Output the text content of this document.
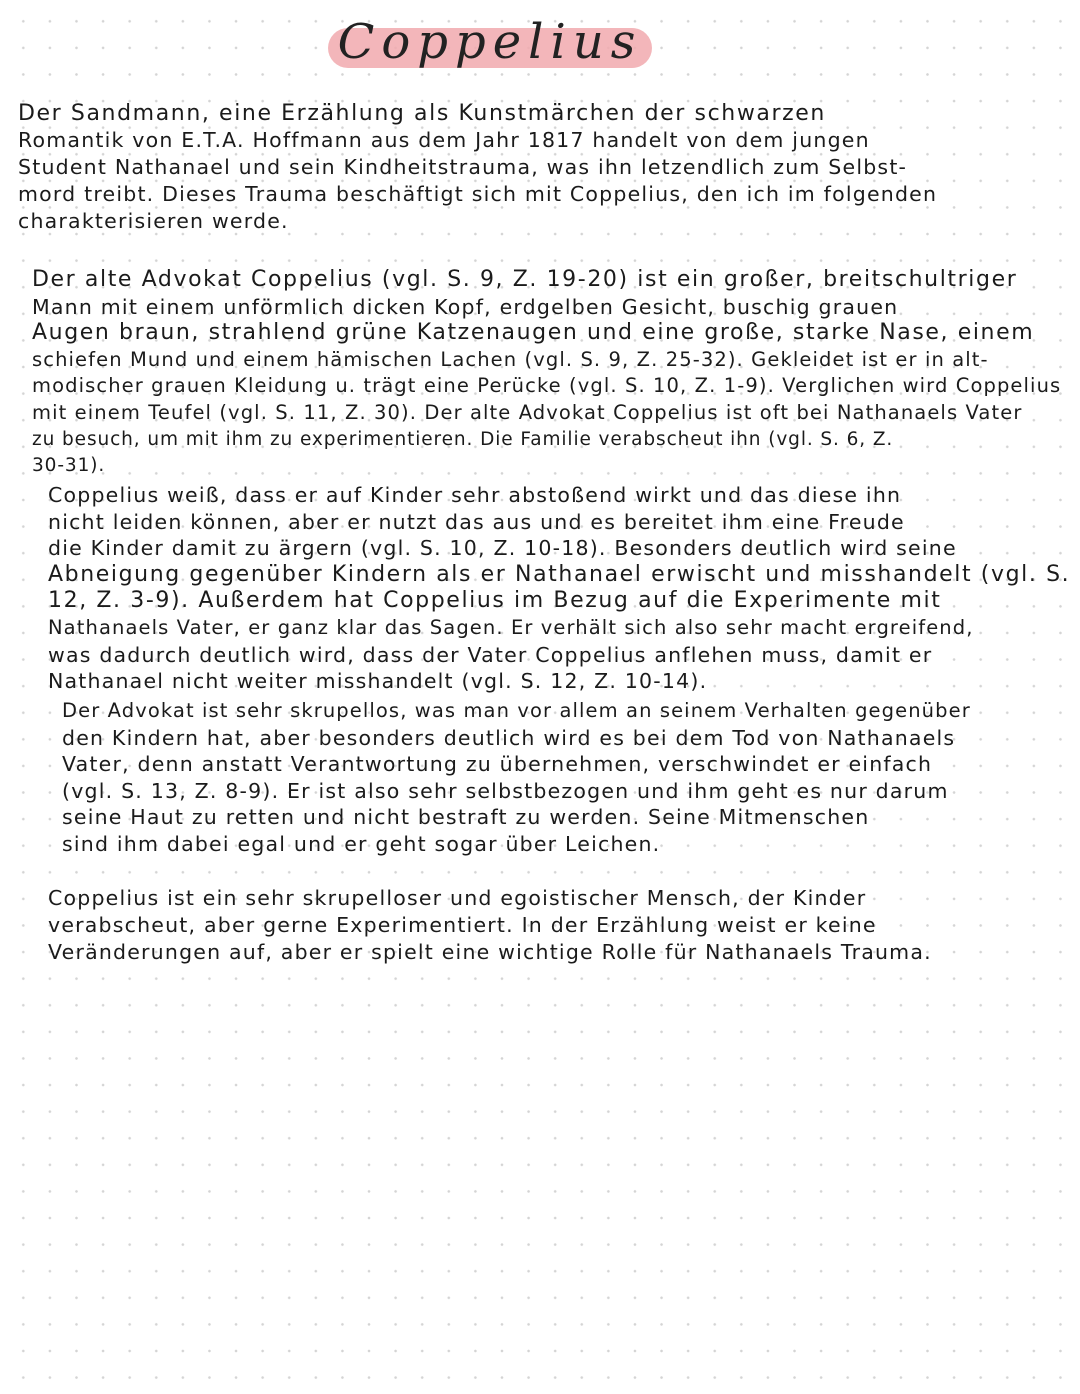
Coppelius
Der Sandmann, eine Erzählung als Kunstmärchen der schwarzen
Romantik von E.T.A. Hoffmann aus dem Jahr 1817 handelt von dem jungen
Student Nathanael und sein Kindheitstrauma, was ihn letzendlich zum Selbst-
mord treibt. Dieses Trauma beschäftigt sich mit Coppelius, den ich im folgenden
charakterisieren werde.
Der alte Advokat Coppelius (vgl. S. 9, Z. 19-20) ist ein großer, breitschultriger
Mann mit einem unförmlich dicken Kopf, erdgelben Gesicht, buschig grauen
Augen braun, strahlend grüne Katzenaugen und eine große, starke Nase, einem
schiefen Mund und einem hämischen Lachen (vgl. S. 9, Z. 25-32). Gekleidet ist er in alt-
modischer grauen Kleidung u. trägt eine Perücke (vgl. S. 10, Z. 1-9). Verglichen wird Coppelius
mit einem Teufel (vgl. S. 11, Z. 30). Der alte Advokat Coppelius ist oft bei Nathanaels Vater
zu besuch, um mit ihm zu experimentieren. Die Familie verabscheut ihn (vgl. S. 6, Z.
30-31).
Coppelius weiß, dass er auf Kinder sehr abstoßend wirkt und das diese ihn
nicht leiden können, aber er nutzt das aus und es bereitet ihm eine Freude
die Kinder damit zu ärgern (vgl. S. 10, Z. 10-18). Besonders deutlich wird seine
Abneigung gegenüber Kindern als er Nathanael erwischt und misshandelt (vgl. S.
12, Z. 3-9). Außerdem hat Coppelius im Bezug auf die Experimente mit
Nathanaels Vater, er ganz klar das Sagen. Er verhält sich also sehr macht ergreifend,
was dadurch deutlich wird, dass der Vater Coppelius anflehen muss, damit er
Nathanael nicht weiter misshandelt (vgl. S. 12, Z. 10-14).
Der Advokat ist sehr skrupellos, was man vor allem an seinem Verhalten gegenüber
den Kindern hat, aber besonders deutlich wird es bei dem Tod von Nathanaels
Vater, denn anstatt Verantwortung zu übernehmen, verschwindet er einfach
(vgl. S. 13, Z. 8-9). Er ist also sehr selbstbezogen und ihm geht es nur darum
seine Haut zu retten und nicht bestraft zu werden. Seine Mitmenschen
sind ihm dabei egal und er geht sogar über Leichen.
Coppelius ist ein sehr skrupelloser und egoistischer Mensch, der Kinder
verabscheut, aber gerne Experimentiert. In der Erzählung weist er keine
Veränderungen auf, aber er spielt eine wichtige Rolle für Nathanaels Trauma.
